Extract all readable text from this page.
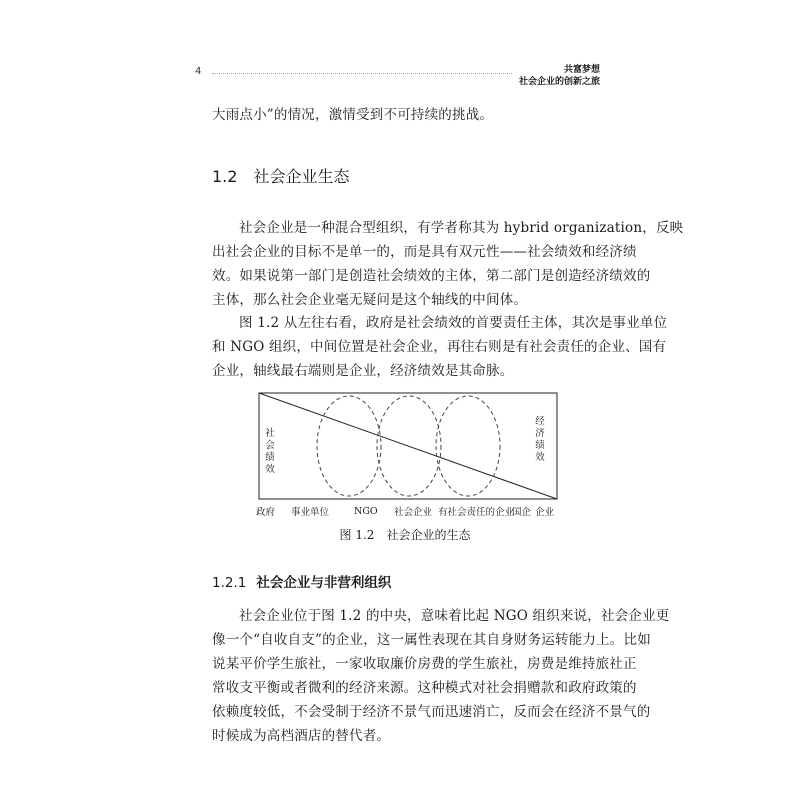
4	共富梦想
社会企业的创新之旅
大雨点小”的情况，激情受到不可持续的挑战。
1.2 社会企业生态
社会企业是一种混合型组织，有学者称其为 hybrid organization，反映
出社会企业的目标不是单一的，而是具有双元性——社会绩效和经济绩
效。如果说第一部门是创造社会绩效的主体，第二部门是创造经济绩效的
主体，那么社会企业毫无疑问是这个轴线的中间体。
图 1.2 从左往右看，政府是社会绩效的首要责任主体，其次是事业单位
和 NGO 组织，中间位置是社会企业，再往右则是有社会责任的企业、国有
企业，轴线最右端则是企业，经济绩效是其命脉。
社会绩效
经济绩效
政府 事业单位	NGO 社会企业 有社会责任的企业
国企 企业
图 1.2　社会企业的生态
1.2.1 社会企业与非营利组织
社会企业位于图 1.2 的中央，意味着比起 NGO 组织来说，社会企业更
像一个“自收自支”的企业，这一属性表现在其自身财务运转能力上。比如
说某平价学生旅社，一家收取廉价房费的学生旅社，房费是维持旅社正
常收支平衡或者微利的经济来源。这种模式对社会捐赠款和政府政策的
依赖度较低，不会受制于经济不景气而迅速消亡，反而会在经济不景气的
时候成为高档酒店的替代者。
